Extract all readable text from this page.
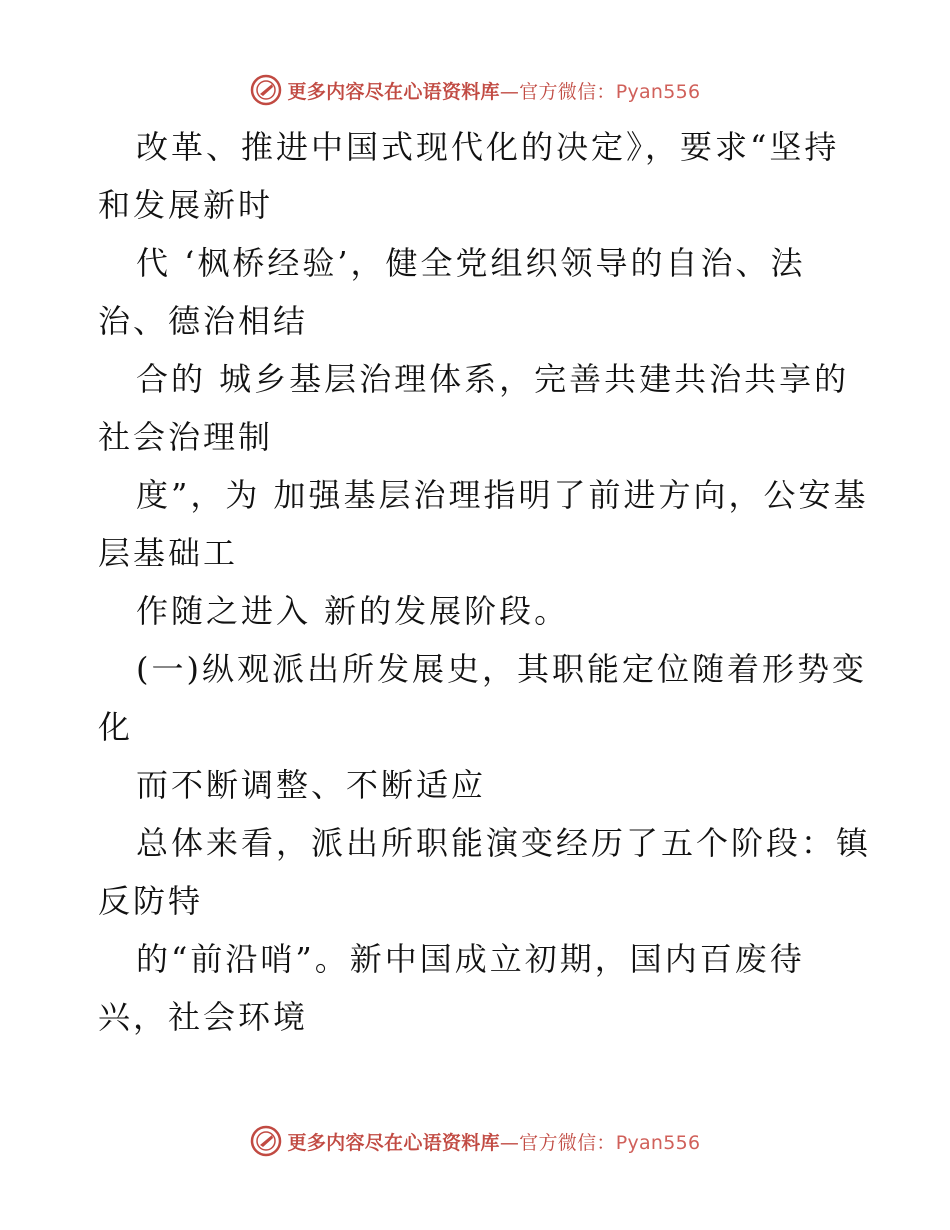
更多内容尽在心语资料库—官方微信：Pyan556
改革、推进中国式现代化的决定》，要求“坚持
和发展新时
代 ‘枫桥经验’，健全党组织领导的自治、法
治、德治相结
合的 城乡基层治理体系，完善共建共治共享的
社会治理制
度”，为 加强基层治理指明了前进方向，公安基
层基础工
作随之进入 新的发展阶段。
(一)纵观派出所发展史，其职能定位随着形势变
化
而不断调整、不断适应
总体来看，派出所职能演变经历了五个阶段：镇
反防特
的“前沿哨”。新中国成立初期，国内百废待
兴，社会环境
更多内容尽在心语资料库—官方微信：Pyan556
